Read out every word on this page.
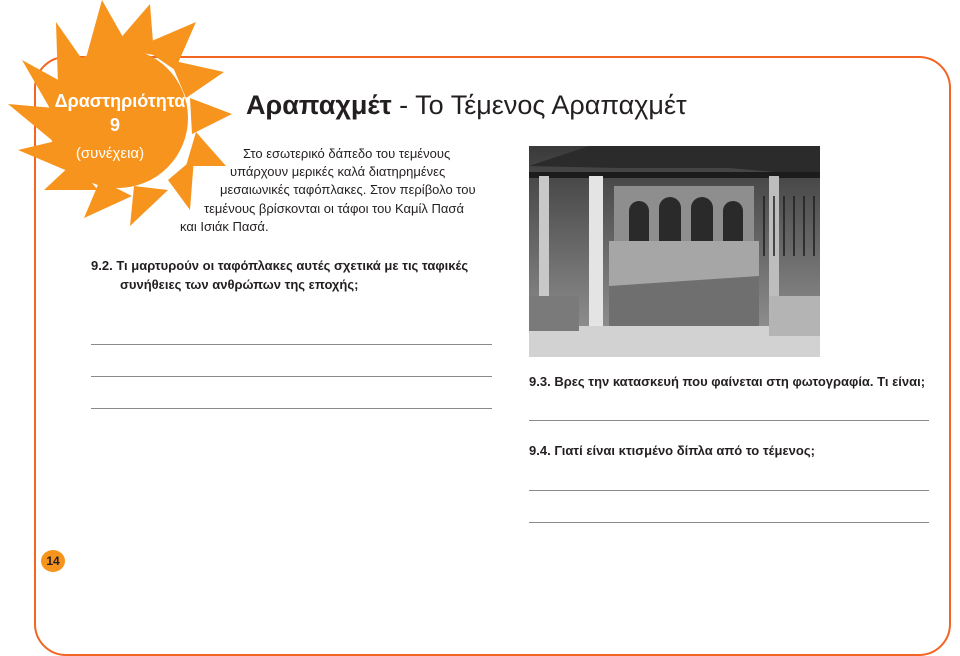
Δραστηριότητα
9
(συνέχεια)
Αραπαχμέτ - Το Τέμενος Αραπαχμέτ
Στο εσωτερικό δάπεδο του τεμένους
υπάρχουν μερικές καλά διατηρημένες
μεσαιωνικές ταφόπλακες. Στον περίβολο του
τεμένους βρίσκονται οι τάφοι του Καμίλ Πασά
και Ισιάκ Πασά.
9.2. Τι μαρτυρούν οι ταφόπλακες αυτές σχετικά με τις ταφικές
συνήθειες των ανθρώπων της εποχής;
9.3. Βρες την κατασκευή που φαίνεται στη φωτογραφία. Τι είναι;
9.4. Γιατί είναι κτισμένο δίπλα από το τέμενος;
14
